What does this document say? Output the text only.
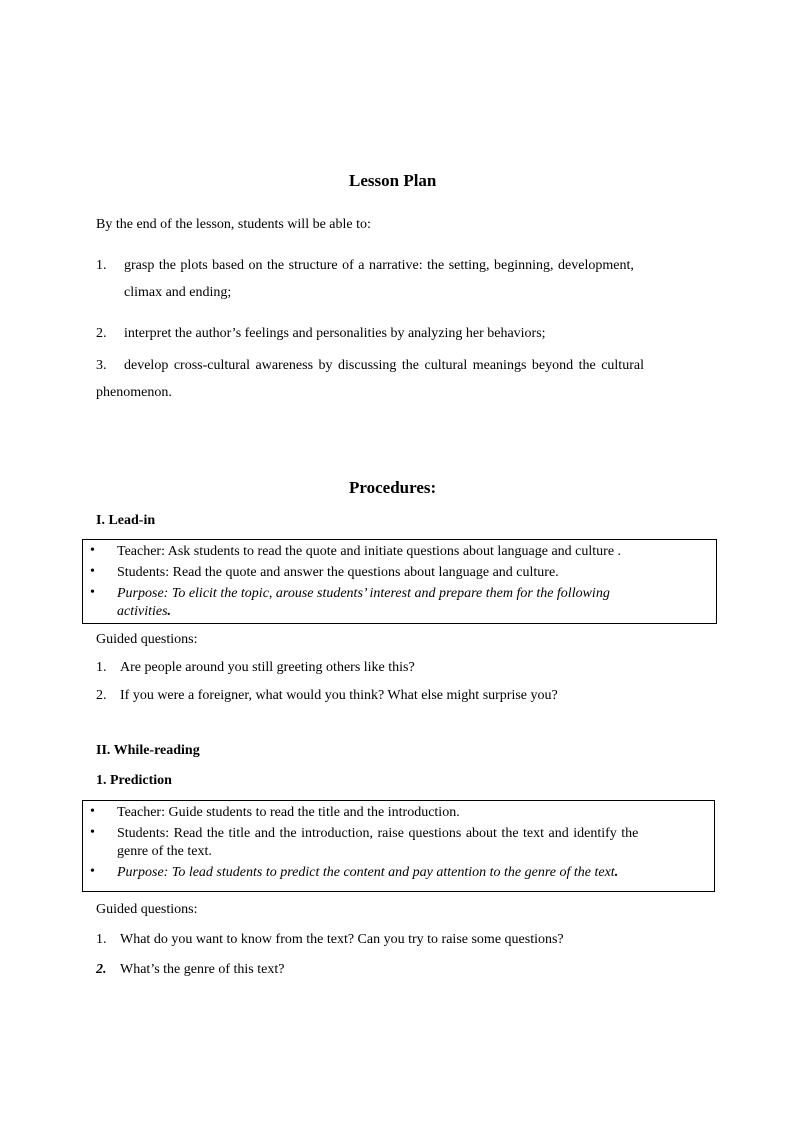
Lesson Plan
By the end of the lesson, students will be able to:
1. grasp the plots based on the structure of a narrative: the setting, beginning, development,
climax and ending;
2. interpret the author’s feelings and personalities by analyzing her behaviors;
3. develop cross-cultural awareness by discussing the cultural meanings beyond the cultural
phenomenon.
Procedures:
I. Lead-in
• Teacher: Ask students to read the quote and initiate questions about language and culture .
• Students: Read the quote and answer the questions about language and culture.
• Purpose: To elicit the topic, arouse students’ interest and prepare them for the following
activities.
Guided questions:
1. Are people around you still greeting others like this?
2. If you were a foreigner, what would you think? What else might surprise you?
II. While-reading
1. Prediction
• Teacher: Guide students to read the title and the introduction.
• Students: Read the title and the introduction, raise questions about the text and identify the
genre of the text.
• Purpose: To lead students to predict the content and pay attention to the genre of the text.
Guided questions:
1. What do you want to know from the text? Can you try to raise some questions?
2. What’s the genre of this text?
